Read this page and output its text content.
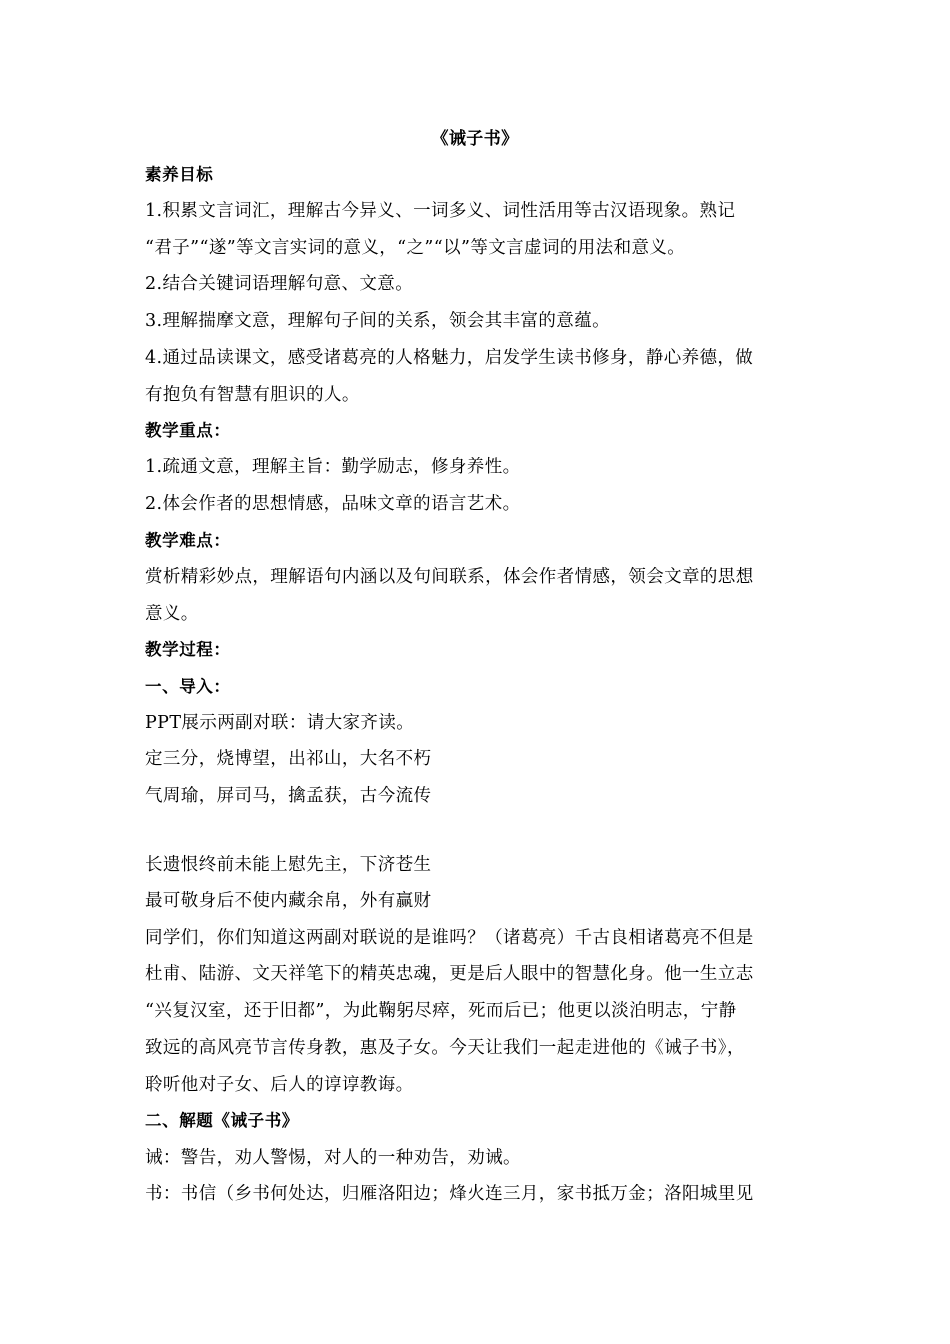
《诫子书》
素养目标
1.积累文言词汇，理解古今异义、一词多义、词性活用等古汉语现象。熟记
“君子”“遂”等文言实词的意义，“之”“以”等文言虚词的用法和意义。
2.结合关键词语理解句意、文意。
3.理解揣摩文意，理解句子间的关系，领会其丰富的意蕴。
4.通过品读课文，感受诸葛亮的人格魅力，启发学生读书修身，静心养德，做
有抱负有智慧有胆识的人。
教学重点：
1.疏通文意，理解主旨：勤学励志，修身养性。
2.体会作者的思想情感，品味文章的语言艺术。
教学难点：
赏析精彩妙点，理解语句内涵以及句间联系，体会作者情感，领会文章的思想
意义。
教学过程：
一、导入：
PPT展示两副对联：请大家齐读。
定三分，烧博望，出祁山，大名不朽
气周瑜，屏司马，擒孟获，古今流传
长遗恨终前未能上慰先主，下济苍生
最可敬身后不使内藏余帛，外有赢财
同学们，你们知道这两副对联说的是谁吗？（诸葛亮）千古良相诸葛亮不但是
杜甫、陆游、文天祥笔下的精英忠魂，更是后人眼中的智慧化身。他一生立志
“兴复汉室，还于旧都”，为此鞠躬尽瘁，死而后已；他更以淡泊明志，宁静
致远的高风亮节言传身教，惠及子女。今天让我们一起走进他的《诫子书》，
聆听他对子女、后人的谆谆教诲。
二、解题《诫子书》
诫：警告，劝人警惕，对人的一种劝告，劝诫。
书：书信（乡书何处达，归雁洛阳边；烽火连三月，家书抵万金；洛阳城里见
